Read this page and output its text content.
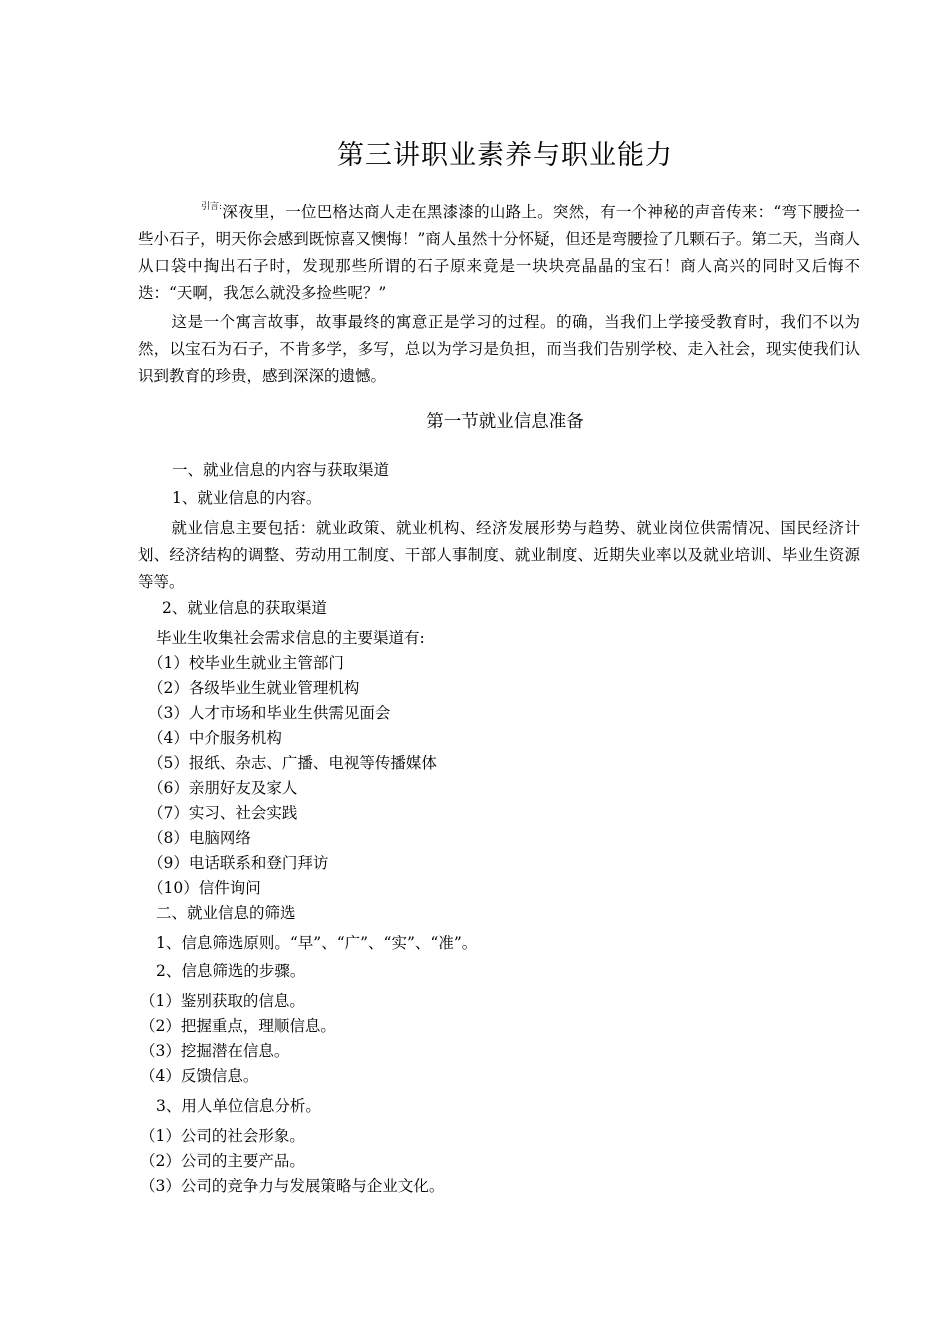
第三讲职业素养与职业能力
引言:深夜里，一位巴格达商人走在黑漆漆的山路上。突然，有一个神秘的声音传来：“弯下腰捡一些小石子，明天你会感到既惊喜又懊悔！”商人虽然十分怀疑，但还是弯腰捡了几颗石子。第二天，当商人从口袋中掏出石子时，发现那些所谓的石子原来竟是一块块亮晶晶的宝石！商人高兴的同时又后悔不迭：“天啊，我怎么就没多捡些呢？”
这是一个寓言故事，故事最终的寓意正是学习的过程。的确，当我们上学接受教育时，我们不以为然，以宝石为石子，不肯多学，多写，总以为学习是负担，而当我们告别学校、走入社会，现实使我们认识到教育的珍贵，感到深深的遗憾。
第一节就业信息准备
一、就业信息的内容与获取渠道
1、就业信息的内容。
就业信息主要包括：就业政策、就业机构、经济发展形势与趋势、就业岗位供需情况、国民经济计划、经济结构的调整、劳动用工制度、干部人事制度、就业制度、近期失业率以及就业培训、毕业生资源等等。
2、就业信息的获取渠道
毕业生收集社会需求信息的主要渠道有:
（1）校毕业生就业主管部门
（2）各级毕业生就业管理机构
（3）人才市场和毕业生供需见面会
（4）中介服务机构
（5）报纸、杂志、广播、电视等传播媒体
（6）亲朋好友及家人
（7）实习、社会实践
（8）电脑网络
（9）电话联系和登门拜访
（10）信件询问
二、就业信息的筛选
1、信息筛选原则。“早”、“广”、“实”、“准”。
2、信息筛选的步骤。
（1）鉴别获取的信息。
（2）把握重点，理顺信息。
（3）挖掘潜在信息。
（4）反馈信息。
3、用人单位信息分析。
（1）公司的社会形象。
（2）公司的主要产品。
（3）公司的竞争力与发展策略与企业文化。
